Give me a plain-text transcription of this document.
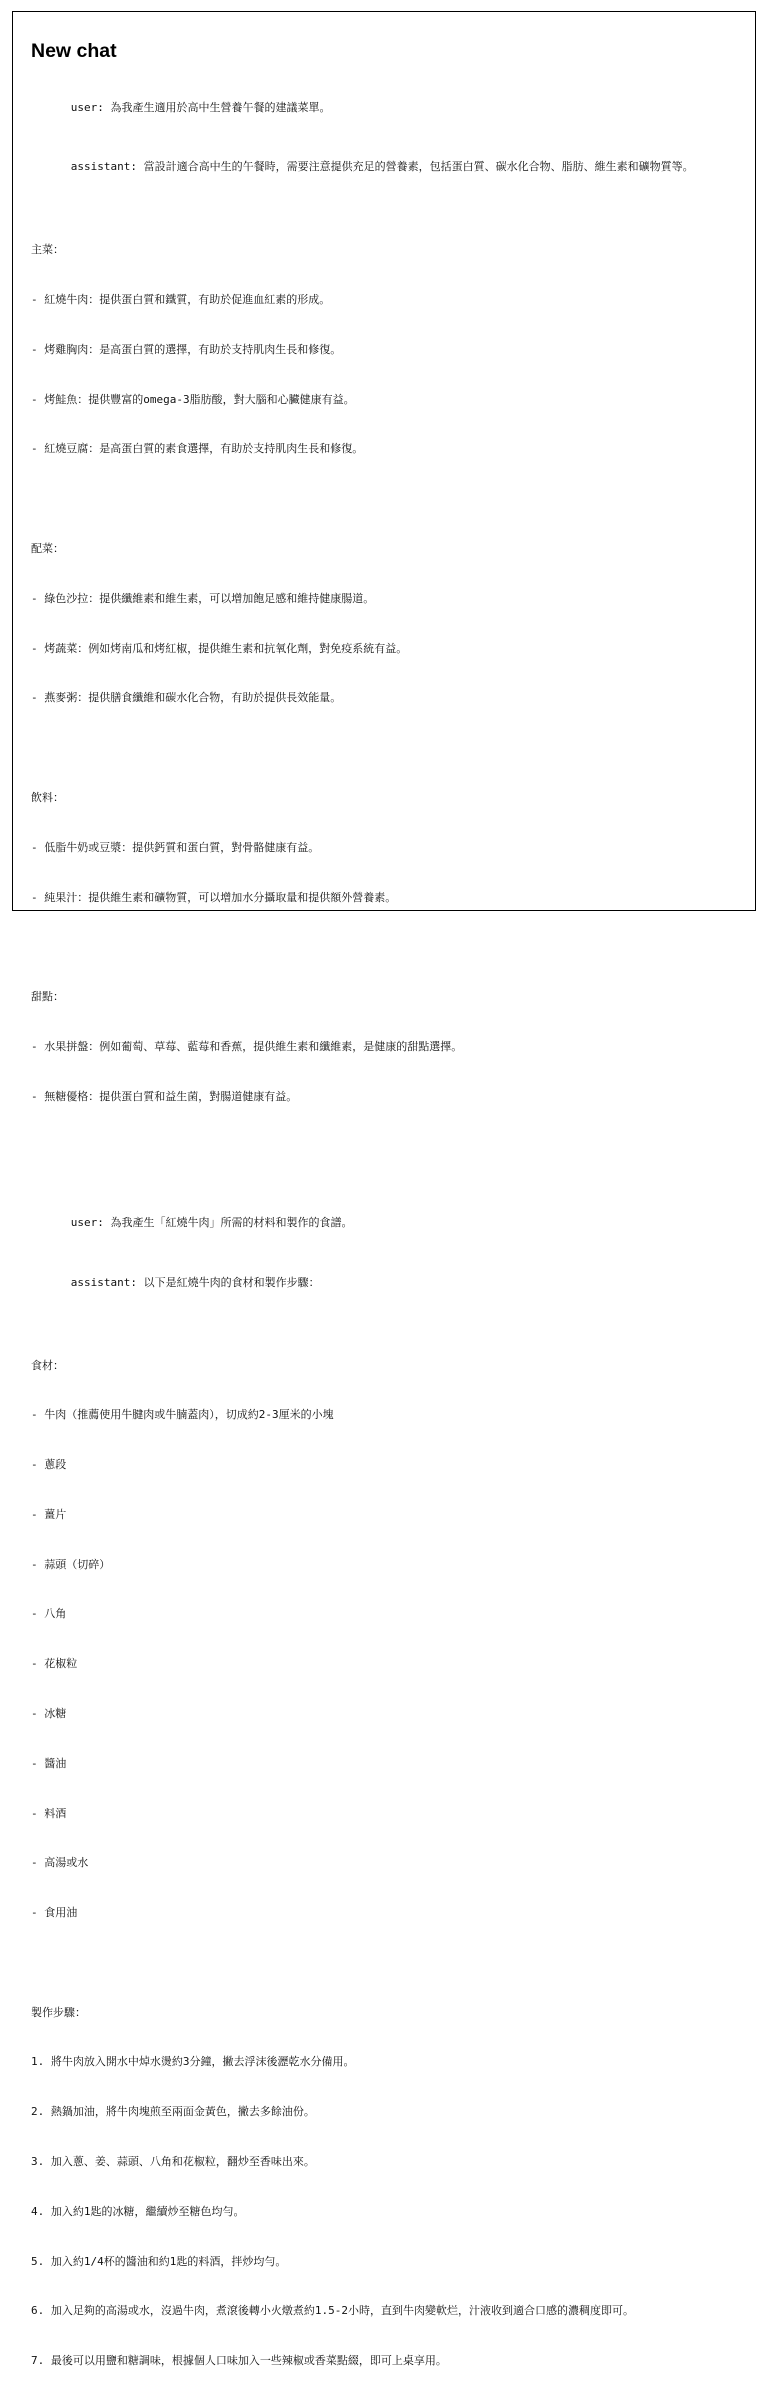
New chat

user: 為我產生適用於高中生營養午餐的建議菜單。

assistant: 當設計適合高中生的午餐時，需要注意提供充足的營養素，包括蛋白質、碳水化合物、脂肪、維生素和礦物質等。

主菜：

- 紅燒牛肉：提供蛋白質和鐵質，有助於促進血紅素的形成。

- 烤雞胸肉：是高蛋白質的選擇，有助於支持肌肉生長和修復。

- 烤鮭魚：提供豐富的omega-3脂肪酸，對大腦和心臟健康有益。

- 紅燒豆腐：是高蛋白質的素食選擇，有助於支持肌肉生長和修復。

配菜：

- 綠色沙拉：提供纖維素和維生素，可以增加飽足感和維持健康腸道。

- 烤蔬菜：例如烤南瓜和烤紅椒，提供維生素和抗氧化劑，對免疫系統有益。

- 燕麥粥：提供膳食纖維和碳水化合物，有助於提供長效能量。

飲料：

- 低脂牛奶或豆漿：提供鈣質和蛋白質，對骨骼健康有益。

- 純果汁：提供維生素和礦物質，可以增加水分攝取量和提供額外營養素。

甜點：

- 水果拼盤：例如葡萄、草莓、藍莓和香蕉，提供維生素和纖維素，是健康的甜點選擇。

- 無糖優格：提供蛋白質和益生菌，對腸道健康有益。

user: 為我產生「紅燒牛肉」所需的材料和製作的食譜。

assistant: 以下是紅燒牛肉的食材和製作步驟：

食材：

- 牛肉（推薦使用牛腱肉或牛腩蓋肉），切成約2-3厘米的小塊

- 蔥段

- 薑片

- 蒜頭（切碎）

- 八角

- 花椒粒

- 冰糖

- 醬油

- 料酒

- 高湯或水

- 食用油

製作步驟：

1. 將牛肉放入開水中焯水燙約3分鐘，撇去浮沫後瀝乾水分備用。

2. 熱鍋加油，將牛肉塊煎至兩面金黃色，撇去多餘油份。

3. 加入蔥、姜、蒜頭、八角和花椒粒，翻炒至香味出來。

4. 加入約1匙的冰糖，繼續炒至糖色均勻。

5. 加入約1/4杯的醬油和約1匙的料酒，拌炒均勻。

6. 加入足夠的高湯或水，沒過牛肉，煮滾後轉小火燉煮約1.5-2小時，直到牛肉變軟烂，汁液收到適合口感的濃稠度即可。

7. 最後可以用鹽和糖調味，根據個人口味加入一些辣椒或香菜點綴，即可上桌享用。
